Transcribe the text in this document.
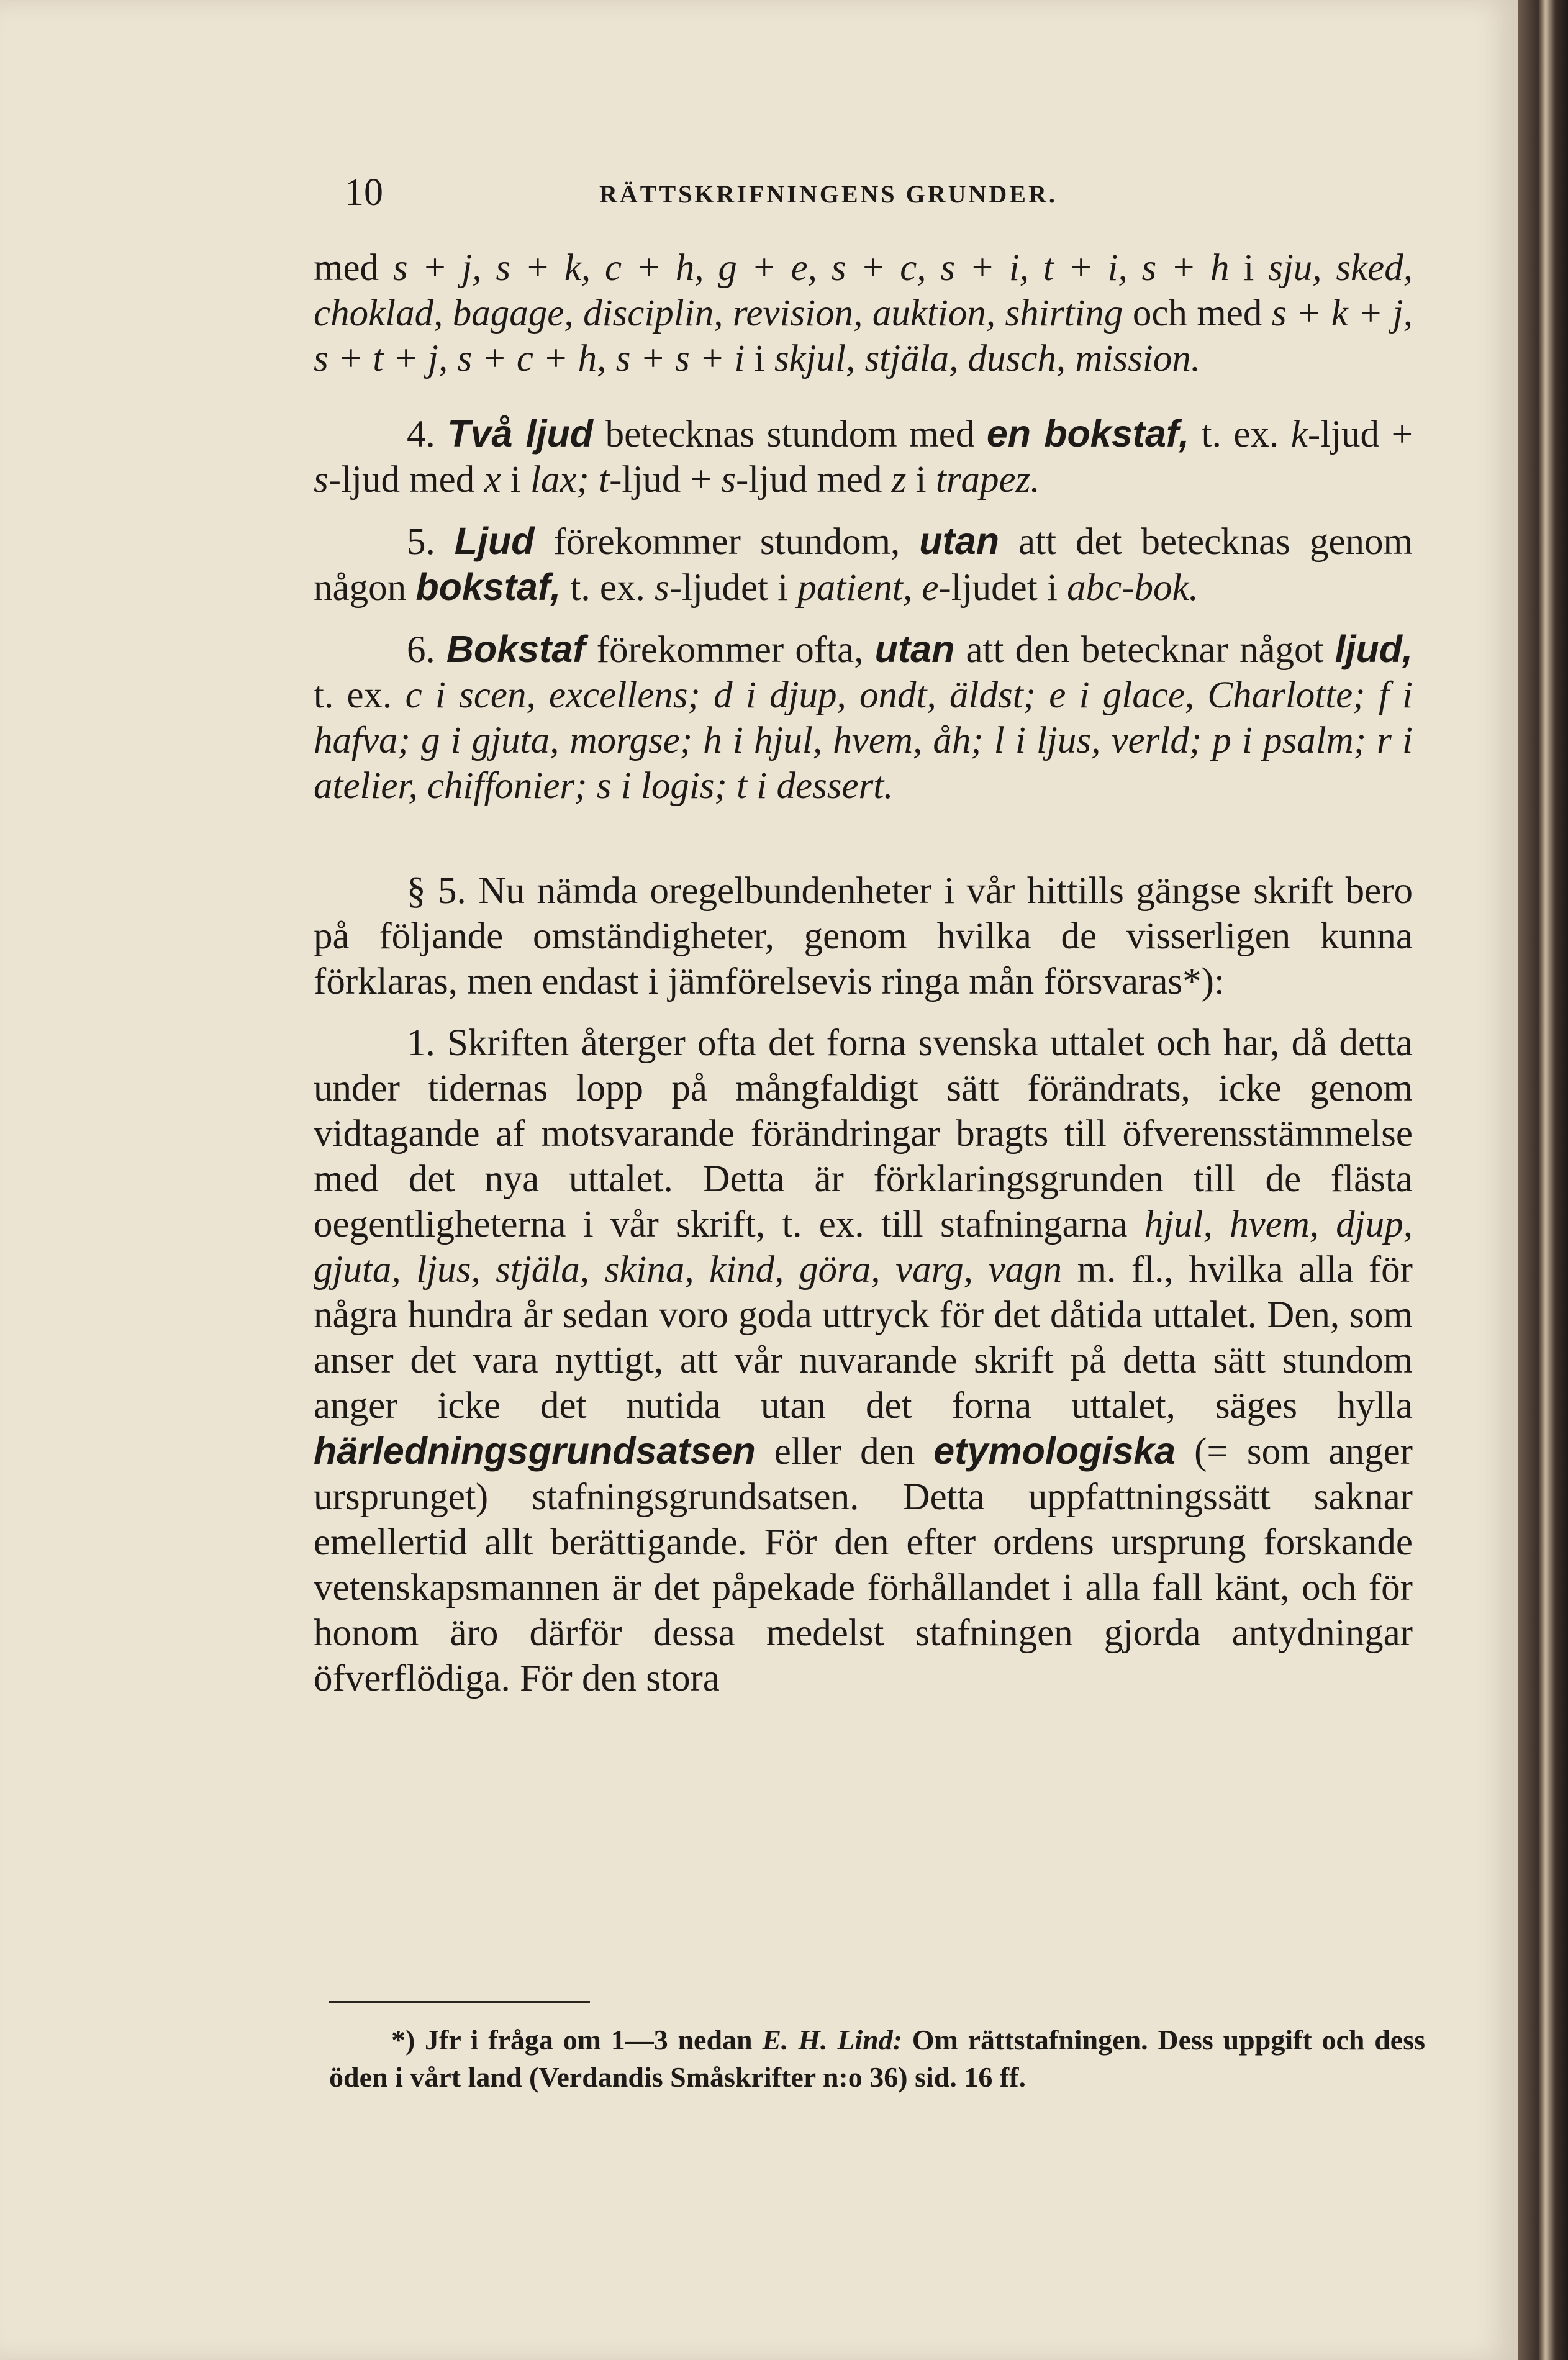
10	RÄTTSKRIFNINGENS GRUNDER.

med s + j, s + k, c + h, g + e, s + c, s + i, t + i, s + h i sju, sked, choklad, bagage, disciplin, revision, auktion, shirting och med s + k + j, s + t + j, s + c + h, s + s + i i skjul, stjäla, dusch, mission.

4. Två ljud betecknas stundom med en bokstaf, t. ex. k-ljud + s-ljud med x i lax; t-ljud + s-ljud med z i trapez.

5. Ljud förekommer stundom, utan att det betecknas genom någon bokstaf, t. ex. s-ljudet i patient, e-ljudet i abc-bok.

6. Bokstaf förekommer ofta, utan att den betecknar något ljud, t. ex. c i scen, excellens; d i djup, ondt, äldst; e i glace, Charlotte; f i hafva; g i gjuta, morgse; h i hjul, hvem, åh; l i ljus, verld; p i psalm; r i atelier, chiffonier; s i logis; t i dessert.

§ 5. Nu nämda oregelbundenheter i vår hittills gängse skrift bero på följande omständigheter, genom hvilka de visserligen kunna förklaras, men endast i jämförelsevis ringa mån försvaras*):

1. Skriften återger ofta det forna svenska uttalet och har, då detta under tidernas lopp på mångfaldigt sätt förändrats, icke genom vidtagande af motsvarande förändringar bragts till öfverensstämmelse med det nya uttalet. Detta är förklaringsgrunden till de flästa oegentligheterna i vår skrift, t. ex. till stafningarna hjul, hvem, djup, gjuta, ljus, stjäla, skina, kind, göra, varg, vagn m. fl., hvilka alla för några hundra år sedan voro goda uttryck för det dåtida uttalet. Den, som anser det vara nyttigt, att vår nuvarande skrift på detta sätt stundom anger icke det nutida utan det forna uttalet, säges hylla härledningsgrundsatsen eller den etymologiska (= som anger ursprunget) stafningsgrundsatsen. Detta uppfattningssätt saknar emellertid allt berättigande. För den efter ordens ursprung forskande vetenskapsmannen är det påpekade förhållandet i alla fall känt, och för honom äro därför dessa medelst stafningen gjorda antydningar öfverflödiga. För den stora

*) Jfr i fråga om 1—3 nedan E. H. Lind: Om rättstafningen. Dess uppgift och dess öden i vårt land (Verdandis Småskrifter n:o 36) sid. 16 ff.
